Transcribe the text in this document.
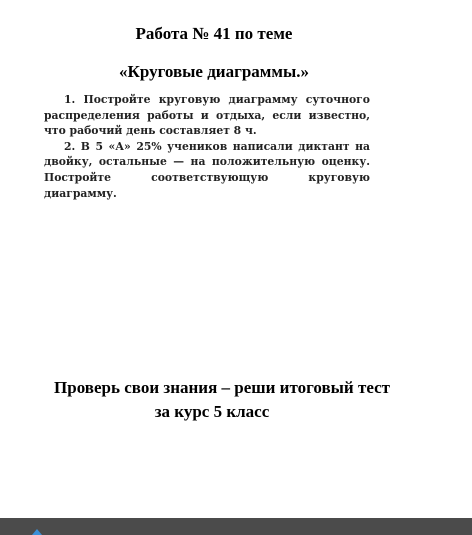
Работа № 41 по теме
«Круговые диаграммы.»

1. Постройте круговую диаграмму суточного распределения работы и отдыха, если известно, что рабочий день составляет 8 ч.

2. В 5 «А» 25% учеников написали диктант на двойку, остальные — на положительную оценку. Постройте соответствующую круговую диаграмму.

Проверь свои знания – реши итоговый тест
за курс 5 класс
